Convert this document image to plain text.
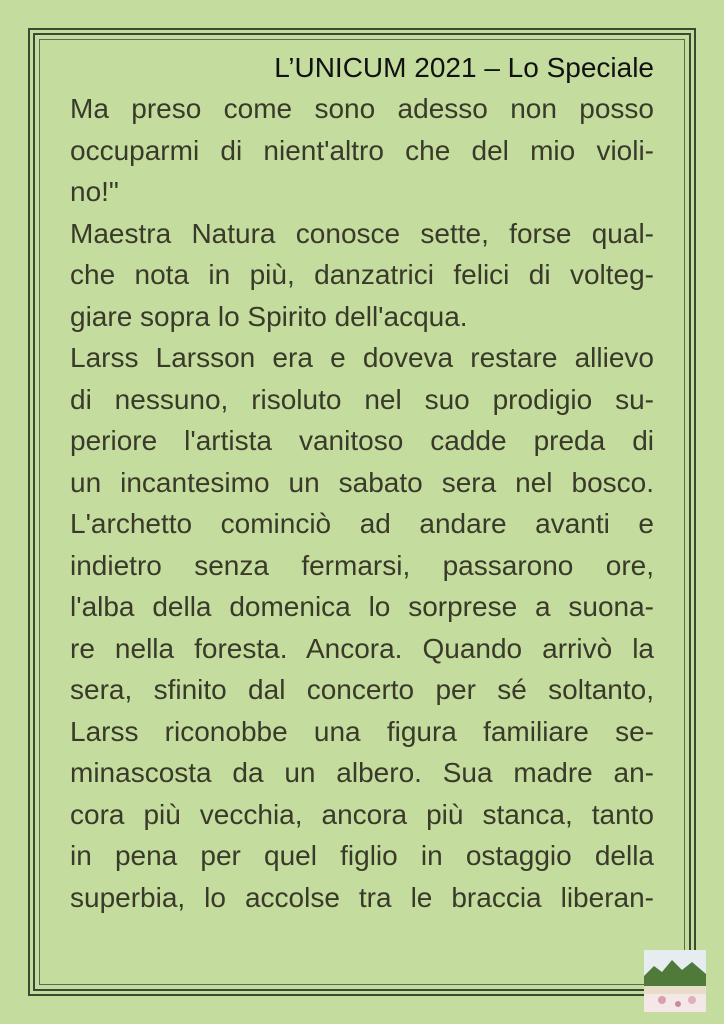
L’UNICUM 2021 – Lo Speciale
Ma preso come sono adesso non posso
occuparmi di nient'altro che del mio violi-
no!"
Maestra Natura conosce sette, forse qual-
che nota in più, danzatrici felici di volteg-
giare sopra lo Spirito dell'acqua.
Larss Larsson era e doveva restare allievo
di nessuno, risoluto nel suo prodigio su-
periore l'artista vanitoso cadde preda di
un incantesimo un sabato sera nel bosco.
L'archetto cominciò ad andare avanti e
indietro senza fermarsi, passarono ore,
l'alba della domenica lo sorprese a suona-
re nella foresta. Ancora. Quando arrivò la
sera, sfinito dal concerto per sé soltanto,
Larss riconobbe una figura familiare se-
minascosta da un albero. Sua madre an-
cora più vecchia, ancora più stanca, tanto
in pena per quel figlio in ostaggio della
superbia, lo accolse tra le braccia liberan-
